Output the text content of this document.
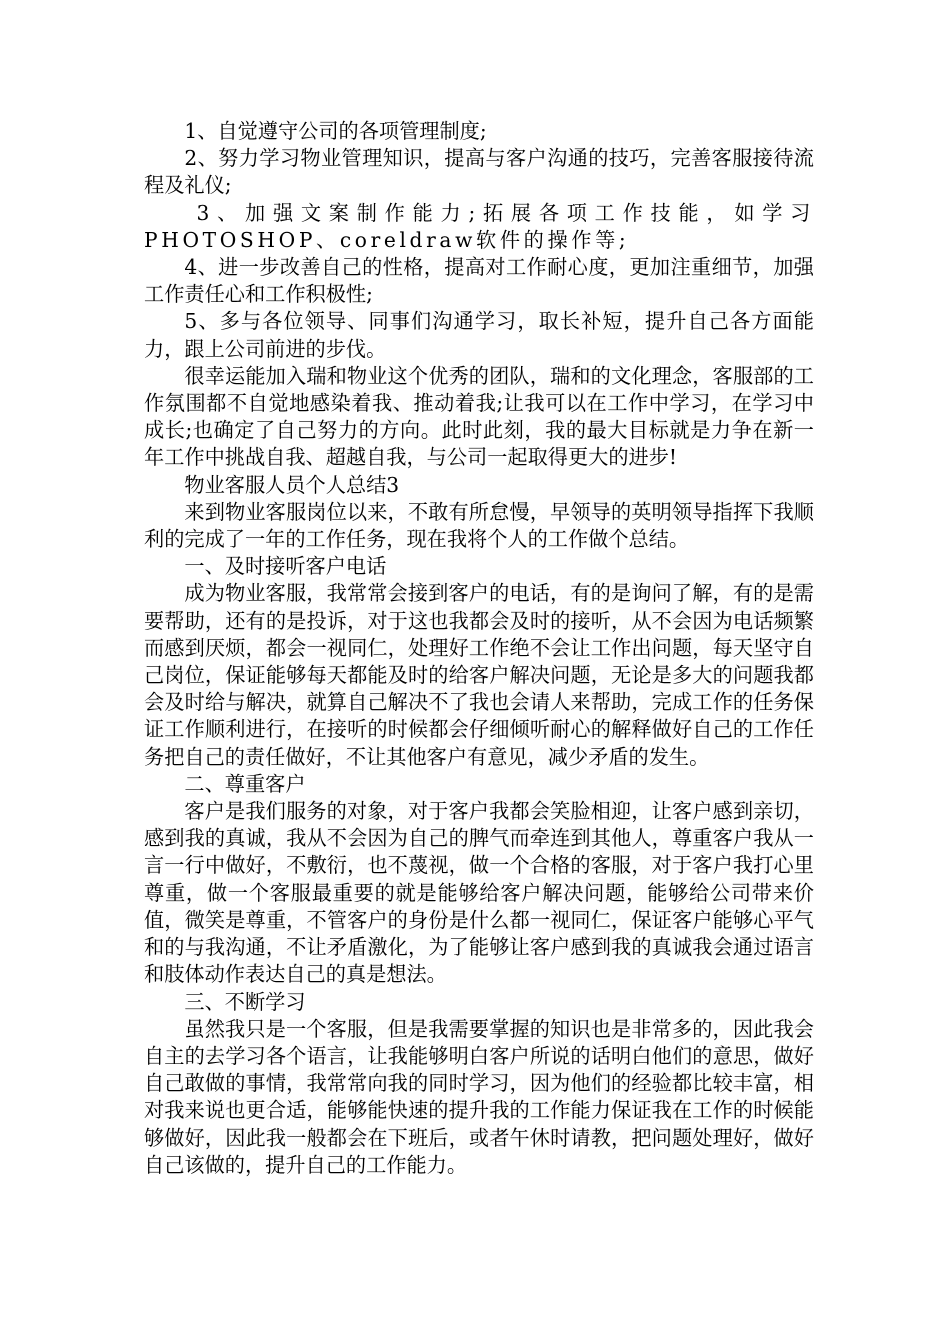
1、自觉遵守公司的各项管理制度;

2、努力学习物业管理知识，提高与客户沟通的技巧，完善客服接待流程及礼仪;

3、加强文案制作能力;拓展各项工作技能，如学习PHOTOSHOP、coreldraw软件的操作等;

4、进一步改善自己的性格，提高对工作耐心度，更加注重细节，加强工作责任心和工作积极性;

5、多与各位领导、同事们沟通学习，取长补短，提升自己各方面能力，跟上公司前进的步伐。

很幸运能加入瑞和物业这个优秀的团队，瑞和的文化理念，客服部的工作氛围都不自觉地感染着我、推动着我;让我可以在工作中学习，在学习中成长;也确定了自己努力的方向。此时此刻，我的最大目标就是力争在新一年工作中挑战自我、超越自我，与公司一起取得更大的进步!

物业客服人员个人总结3

来到物业客服岗位以来，不敢有所怠慢，早领导的英明领导指挥下我顺利的完成了一年的工作任务，现在我将个人的工作做个总结。

一、及时接听客户电话

成为物业客服，我常常会接到客户的电话，有的是询问了解，有的是需要帮助，还有的是投诉，对于这也我都会及时的接听，从不会因为电话频繁而感到厌烦，都会一视同仁，处理好工作绝不会让工作出问题，每天坚守自己岗位，保证能够每天都能及时的给客户解决问题，无论是多大的问题我都会及时给与解决，就算自己解决不了我也会请人来帮助，完成工作的任务保证工作顺利进行，在接听的时候都会仔细倾听耐心的解释做好自己的工作任务把自己的责任做好，不让其他客户有意见，减少矛盾的发生。

二、尊重客户

客户是我们服务的对象，对于客户我都会笑脸相迎，让客户感到亲切，感到我的真诚，我从不会因为自己的脾气而牵连到其他人，尊重客户我从一言一行中做好，不敷衍，也不蔑视，做一个合格的客服，对于客户我打心里尊重，做一个客服最重要的就是能够给客户解决问题，能够给公司带来价值，微笑是尊重，不管客户的身份是什么都一视同仁，保证客户能够心平气和的与我沟通，不让矛盾激化，为了能够让客户感到我的真诚我会通过语言和肢体动作表达自己的真是想法。

三、不断学习

虽然我只是一个客服，但是我需要掌握的知识也是非常多的，因此我会自主的去学习各个语言，让我能够明白客户所说的话明白他们的意思，做好自己敢做的事情，我常常向我的同时学习，因为他们的经验都比较丰富，相对我来说也更合适，能够能快速的提升我的工作能力保证我在工作的时候能够做好，因此我一般都会在下班后，或者午休时请教，把问题处理好，做好自己该做的，提升自己的工作能力。
